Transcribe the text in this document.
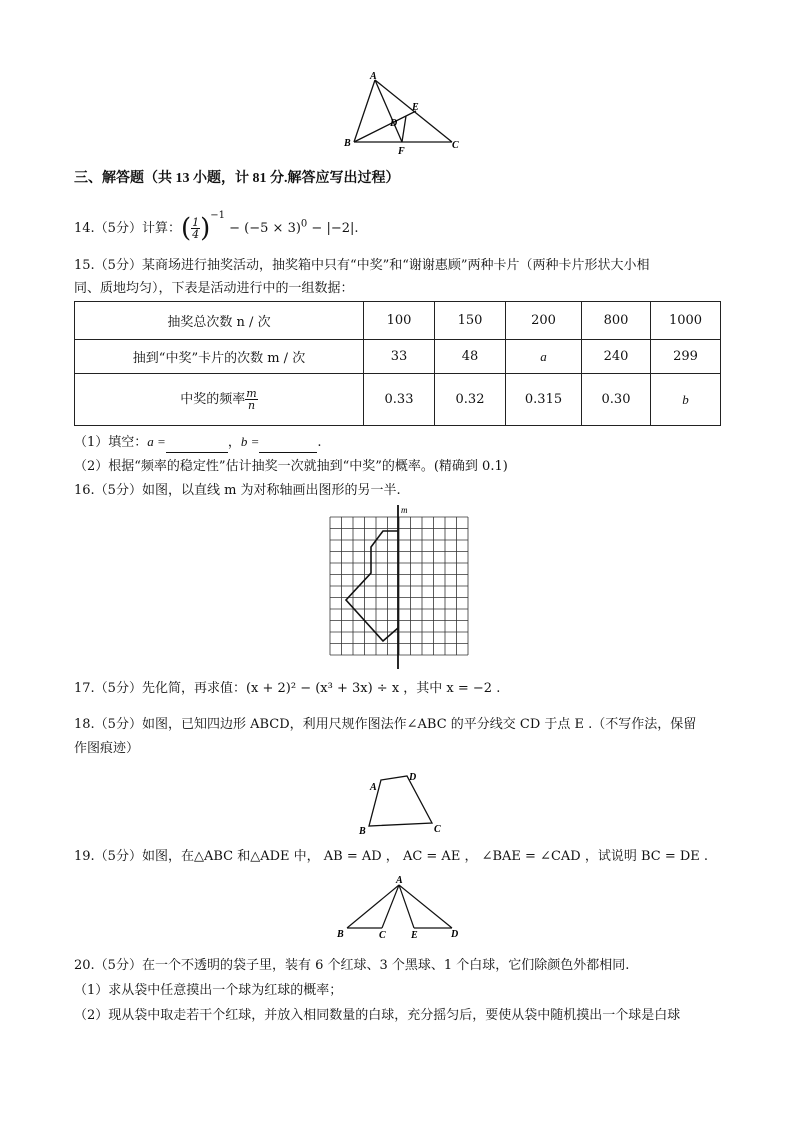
A
B	C
D
E
F
三、解答题（共 13 小题，计 81 分.解答应写出过程）
14.（5分）计算：( $\frac{1}{4} )^{-1} - (-5 \times 3)^0 - |-2|$.
15.（5分）某商场进行抽奖活动，抽奖箱中只有“中奖”和“谢谢惠顾”两种卡片（两种卡片形状大小相
同、质地均匀），下表是活动进行中的一组数据：
抽奖总次数 n / 次	100	150	200	800	1000
抽到“中奖”卡片的次数 m / 次	33	48	a	240	299
中奖的频率 $\frac{m}{n}$	0.33	0.32	0.315	0.30	b
（1）填空：a =	，b =	.
（2）根据“频率的稳定性”估计抽奖一次就抽到“中奖”的概率。(精确到 0.1)
16.（5分）如图，以直线 m 为对称轴画出图形的另一半.
m
17.（5分）先化简，再求值：(x + 2)² − (x³ + 3x) ÷ x ，其中 x = −2 .
18.（5分）如图，已知四边形 ABCD，利用尺规作图法作∠ABC 的平分线交 CD 于点 E .（不写作法，保留
作图痕迹）
A
D
B	C
19.（5分）如图，在△ABC 和△ADE 中， AB = AD ， AC = AE ， ∠BAE = ∠CAD ，试说明 BC = DE .
A
B	C	E	D
20.（5分）在一个不透明的袋子里，装有 6 个红球、3 个黑球、1 个白球，它们除颜色外都相同.
（1）求从袋中任意摸出一个球为红球的概率；
（2）现从袋中取走若干个红球，并放入相同数量的白球，充分摇匀后，要使从袋中随机摸出一个球是白球
